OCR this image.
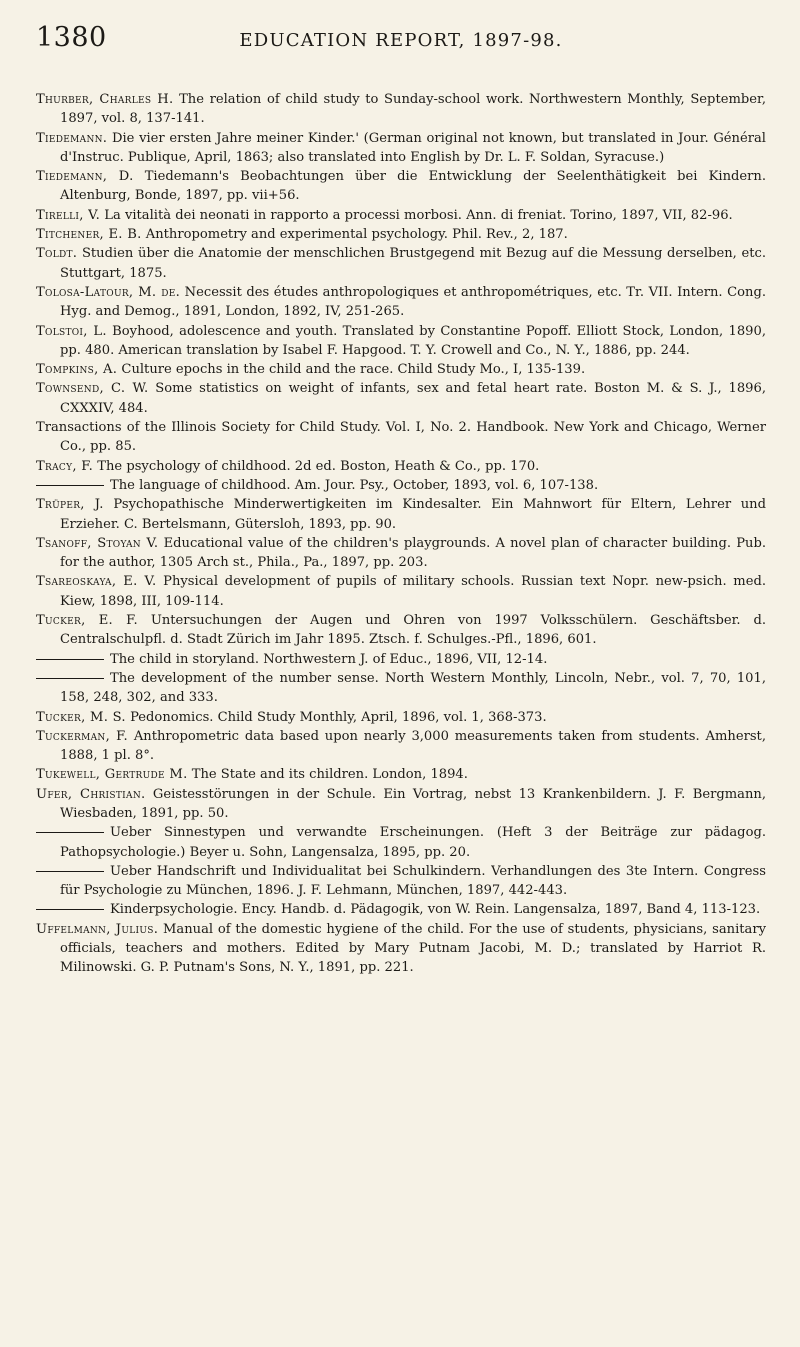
1380	EDUCATION REPORT, 1897-98.

Thurber, Charles H. The relation of child study to Sunday-school work. Northwestern Monthly, September, 1897, vol. 8, 137-141.

Tiedemann. Die vier ersten Jahre meiner Kinder.' (German original not known, but translated in Jour. Général d'Instruc. Publique, April, 1863; also translated into English by Dr. L. F. Soldan, Syracuse.)

Tiedemann, D. Tiedemann's Beobachtungen über die Entwicklung der Seelenthätigkeit bei Kindern. Altenburg, Bonde, 1897, pp. vii+56.

Tirelli, V. La vitalità dei neonati in rapporto a processi morbosi. Ann. di freniat. Torino, 1897, VII, 82-96.

Titchener, E. B. Anthropometry and experimental psychology. Phil. Rev., 2, 187.

Toldt. Studien über die Anatomie der menschlichen Brustgegend mit Bezug auf die Messung derselben, etc. Stuttgart, 1875.

Tolosa-Latour, M. de. Necessit des études anthropologiques et anthropométriques, etc. Tr. VII. Intern. Cong. Hyg. and Demog., 1891, London, 1892, IV, 251-265.

Tolstoi, L. Boyhood, adolescence and youth. Translated by Constantine Popoff. Elliott Stock, London, 1890, pp. 480. American translation by Isabel F. Hapgood. T. Y. Crowell and Co., N. Y., 1886, pp. 244.

Tompkins, A. Culture epochs in the child and the race. Child Study Mo., I, 135-139.

Townsend, C. W. Some statistics on weight of infants, sex and fetal heart rate. Boston M. & S. J., 1896, CXXXIV, 484.

Transactions of the Illinois Society for Child Study. Vol. I, No. 2. Handbook. New York and Chicago, Werner Co., pp. 85.

Tracy, F. The psychology of childhood. 2d ed. Boston, Heath & Co., pp. 170.

The language of childhood. Am. Jour. Psy., October, 1893, vol. 6, 107-138.

Trüper, J. Psychopathische Minderwertigkeiten im Kindesalter. Ein Mahnwort für Eltern, Lehrer und Erzieher. C. Bertelsmann, Gütersloh, 1893, pp. 90.

Tsanoff, Stoyan V. Educational value of the children's playgrounds. A novel plan of character building. Pub. for the author, 1305 Arch st., Phila., Pa., 1897, pp. 203.

Tsareoskaya, E. V. Physical development of pupils of military schools. Russian text Nopr. new-psich. med. Kiew, 1898, III, 109-114.

Tucker, E. F. Untersuchungen der Augen und Ohren von 1997 Volksschülern. Geschäftsber. d. Centralschulpfl. d. Stadt Zürich im Jahr 1895. Ztsch. f. Schulges.-Pfl., 1896, 601.

The child in storyland. Northwestern J. of Educ., 1896, VII, 12-14.

The development of the number sense. North Western Monthly, Lincoln, Nebr., vol. 7, 70, 101, 158, 248, 302, and 333.

Tucker, M. S. Pedonomics. Child Study Monthly, April, 1896, vol. 1, 368-373.

Tuckerman, F. Anthropometric data based upon nearly 3,000 measurements taken from students. Amherst, 1888, 1 pl. 8°.

Tukewell, Gertrude M. The State and its children. London, 1894.

Ufer, Christian. Geistesstörungen in der Schule. Ein Vortrag, nebst 13 Krankenbildern. J. F. Bergmann, Wiesbaden, 1891, pp. 50.

Ueber Sinnestypen und verwandte Erscheinungen. (Heft 3 der Beiträge zur pädagog. Pathopsychologie.) Beyer u. Sohn, Langensalza, 1895, pp. 20.

Ueber Handschrift und Individualitat bei Schulkindern. Verhandlungen des 3te Intern. Congress für Psychologie zu München, 1896. J. F. Lehmann, München, 1897, 442-443.

Kinderpsychologie. Ency. Handb. d. Pädagogik, von W. Rein. Langensalza, 1897, Band 4, 113-123.

Uffelmann, Julius. Manual of the domestic hygiene of the child. For the use of students, physicians, sanitary officials, teachers and mothers. Edited by Mary Putnam Jacobi, M. D.; translated by Harriot R. Milinowski. G. P. Putnam's Sons, N. Y., 1891, pp. 221.
